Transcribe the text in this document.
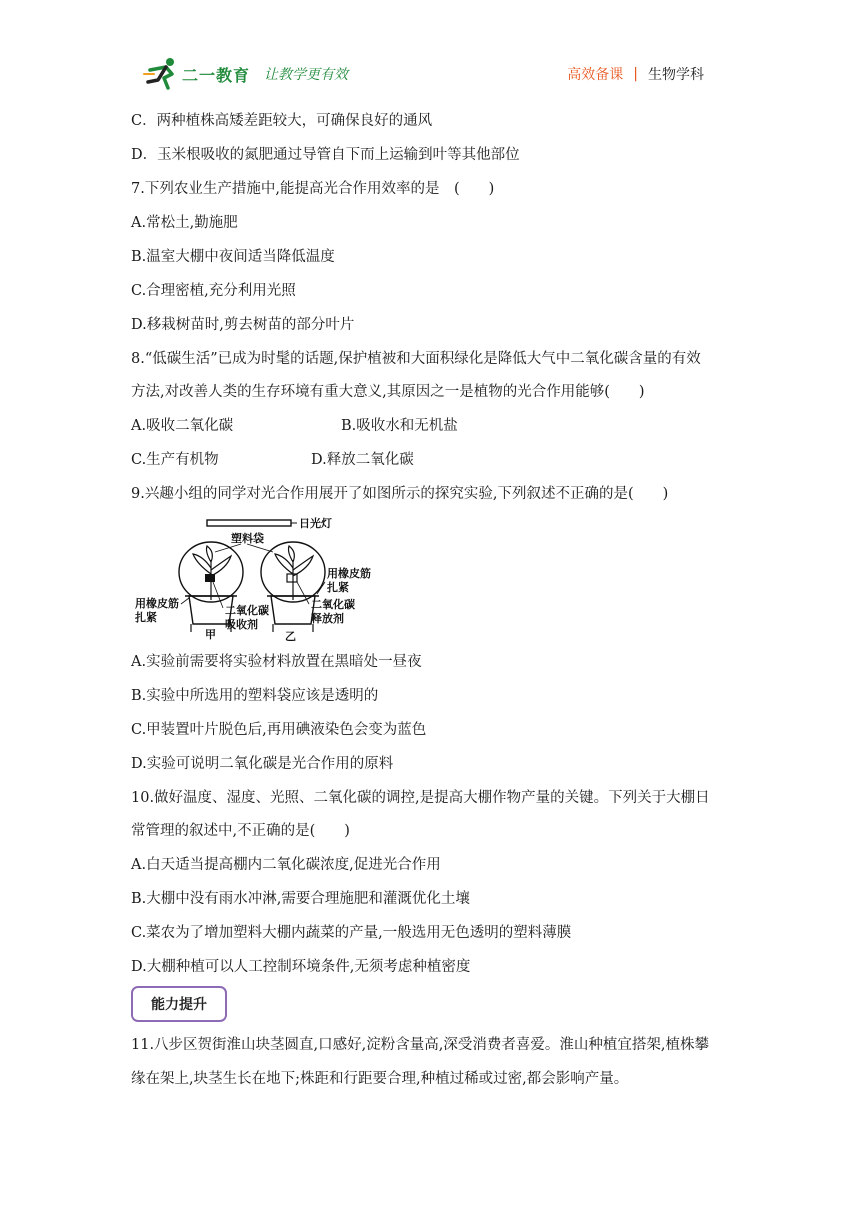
二一教育 让教学更有效	高效备课 | 生物学科
C．两种植株高矮差距较大，可确保良好的通风
D．玉米根吸收的氮肥通过导管自下而上运输到叶等其他部位
7.下列农业生产措施中,能提高光合作用效率的是　(　　)
A.常松土,勤施肥
B.温室大棚中夜间适当降低温度
C.合理密植,充分利用光照
D.移栽树苗时,剪去树苗的部分叶片
8.“低碳生活”已成为时髦的话题,保护植被和大面积绿化是降低大气中二氧化碳含量的有效
方法,对改善人类的生存环境有重大意义,其原因之一是植物的光合作用能够(　　)
A.吸收二氧化碳	B.吸收水和无机盐
C.生产有机物	D.释放二氧化碳
9.兴趣小组的同学对光合作用展开了如图所示的探究实验,下列叙述不正确的是(　　)
日光灯
塑料袋
用橡皮筋
扎紧
二氧化碳
吸收剂
用橡皮筋
扎紧
二氧化碳
释放剂
甲	乙
A.实验前需要将实验材料放置在黑暗处一昼夜
B.实验中所选用的塑料袋应该是透明的
C.甲装置叶片脱色后,再用碘液染色会变为蓝色
D.实验可说明二氧化碳是光合作用的原料
10.做好温度、湿度、光照、二氧化碳的调控,是提高大棚作物产量的关键。下列关于大棚日
常管理的叙述中,不正确的是(　　)
A.白天适当提高棚内二氧化碳浓度,促进光合作用
B.大棚中没有雨水冲淋,需要合理施肥和灌溉优化土壤
C.菜农为了增加塑料大棚内蔬菜的产量,一般选用无色透明的塑料薄膜
D.大棚种植可以人工控制环境条件,无须考虑种植密度
能力提升
11.八步区贺街淮山块茎圆直,口感好,淀粉含量高,深受消费者喜爱。淮山种植宜搭架,植株攀
缘在架上,块茎生长在地下;株距和行距要合理,种植过稀或过密,都会影响产量。
